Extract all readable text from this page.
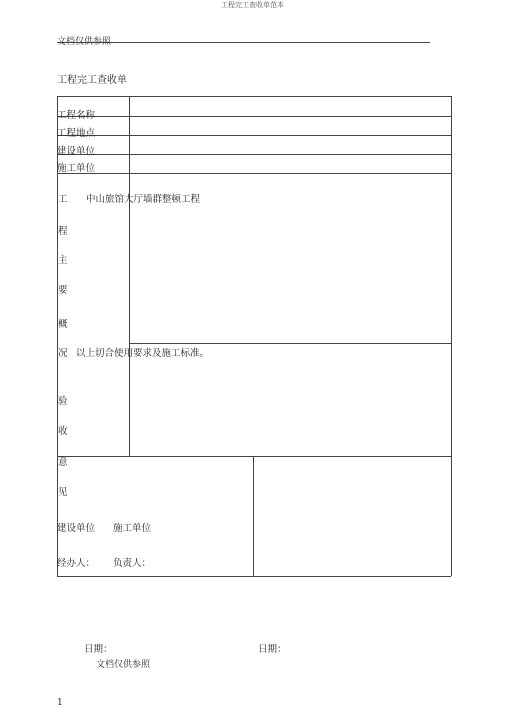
工程完工查收单范本
文档仅供参照
工程完工查收单
工程名称
工程地点
建设单位
施工单位
工
程
主
要
概
况
中山旅馆大厅墙群整顿工程
以上切合使用要求及施工标准。
验
收
意
见
建设单位 施工单位
经办人： 负责人：
日期：	日期：
文档仅供参照
1
